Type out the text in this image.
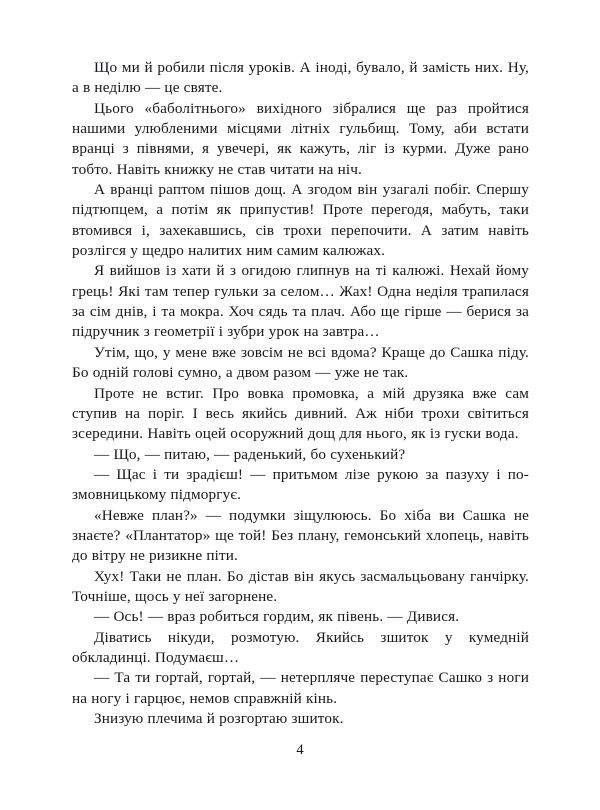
Що ми й робили після уроків. А іноді, бувало, й замість них. Ну, а в неділю — це святе.

Цього «баболітнього» вихідного зібралися ще раз пройтися нашими улюбленими місцями літніх гульбищ. Тому, аби встати вранці з півнями, я увечері, як кажуть, ліг із курми. Дуже рано тобто. Навіть книжку не став читати на ніч.

А вранці раптом пішов дощ. А згодом він узагалі побіг. Спершу підтюпцем, а потім як припустив! Проте перегодя, мабуть, таки втомився і, захекавшись, сів трохи перепочити. А затим навіть розлігся у щедро налитих ним самим калюжах.

Я вийшов із хати й з огидою глипнув на ті калюжі. Нехай йому грець! Які там тепер гульки за селом… Жах! Одна неділя трапилася за сім днів, і та мокра. Хоч сядь та плач. Або ще гірше — берися за підручник з геометрії і зубри урок на завтра…

Утім, що, у мене вже зовсім не всі вдома? Краще до Сашка піду. Бо одній голові сумно, а двом разом — уже не так.

Проте не встиг. Про вовка промовка, а мій друзяка вже сам ступив на поріг. І весь якийсь дивний. Аж ніби трохи світиться зсередини. Навіть оцей осоружний дощ для нього, як із гуски вода.

— Що, — питаю, — раденький, бо сухенький?

— Щас і ти зрадієш! — притьмом лізе рукою за пазуху і по-змовницькому підморгує.

«Невже план?» — подумки зіщулююсь. Бо хіба ви Сашка не знаєте? «Плантатор» ще той! Без плану, гемонський хлопець, навіть до вітру не ризикне піти.

Хух! Таки не план. Бо дістав він якусь засмальцьовану ганчірку. Точніше, щось у неї загорнене.

— Ось! — враз робиться гордим, як півень. — Дивися.

Діватись нікуди, розмотую. Якийсь зшиток у кумедній обкладинці. Подумаєш…

— Та ти гортай, гортай, — нетерпляче переступає Сашко з ноги на ногу і гарцює, немов справжній кінь.

Знизую плечима й розгортаю зшиток.

4
